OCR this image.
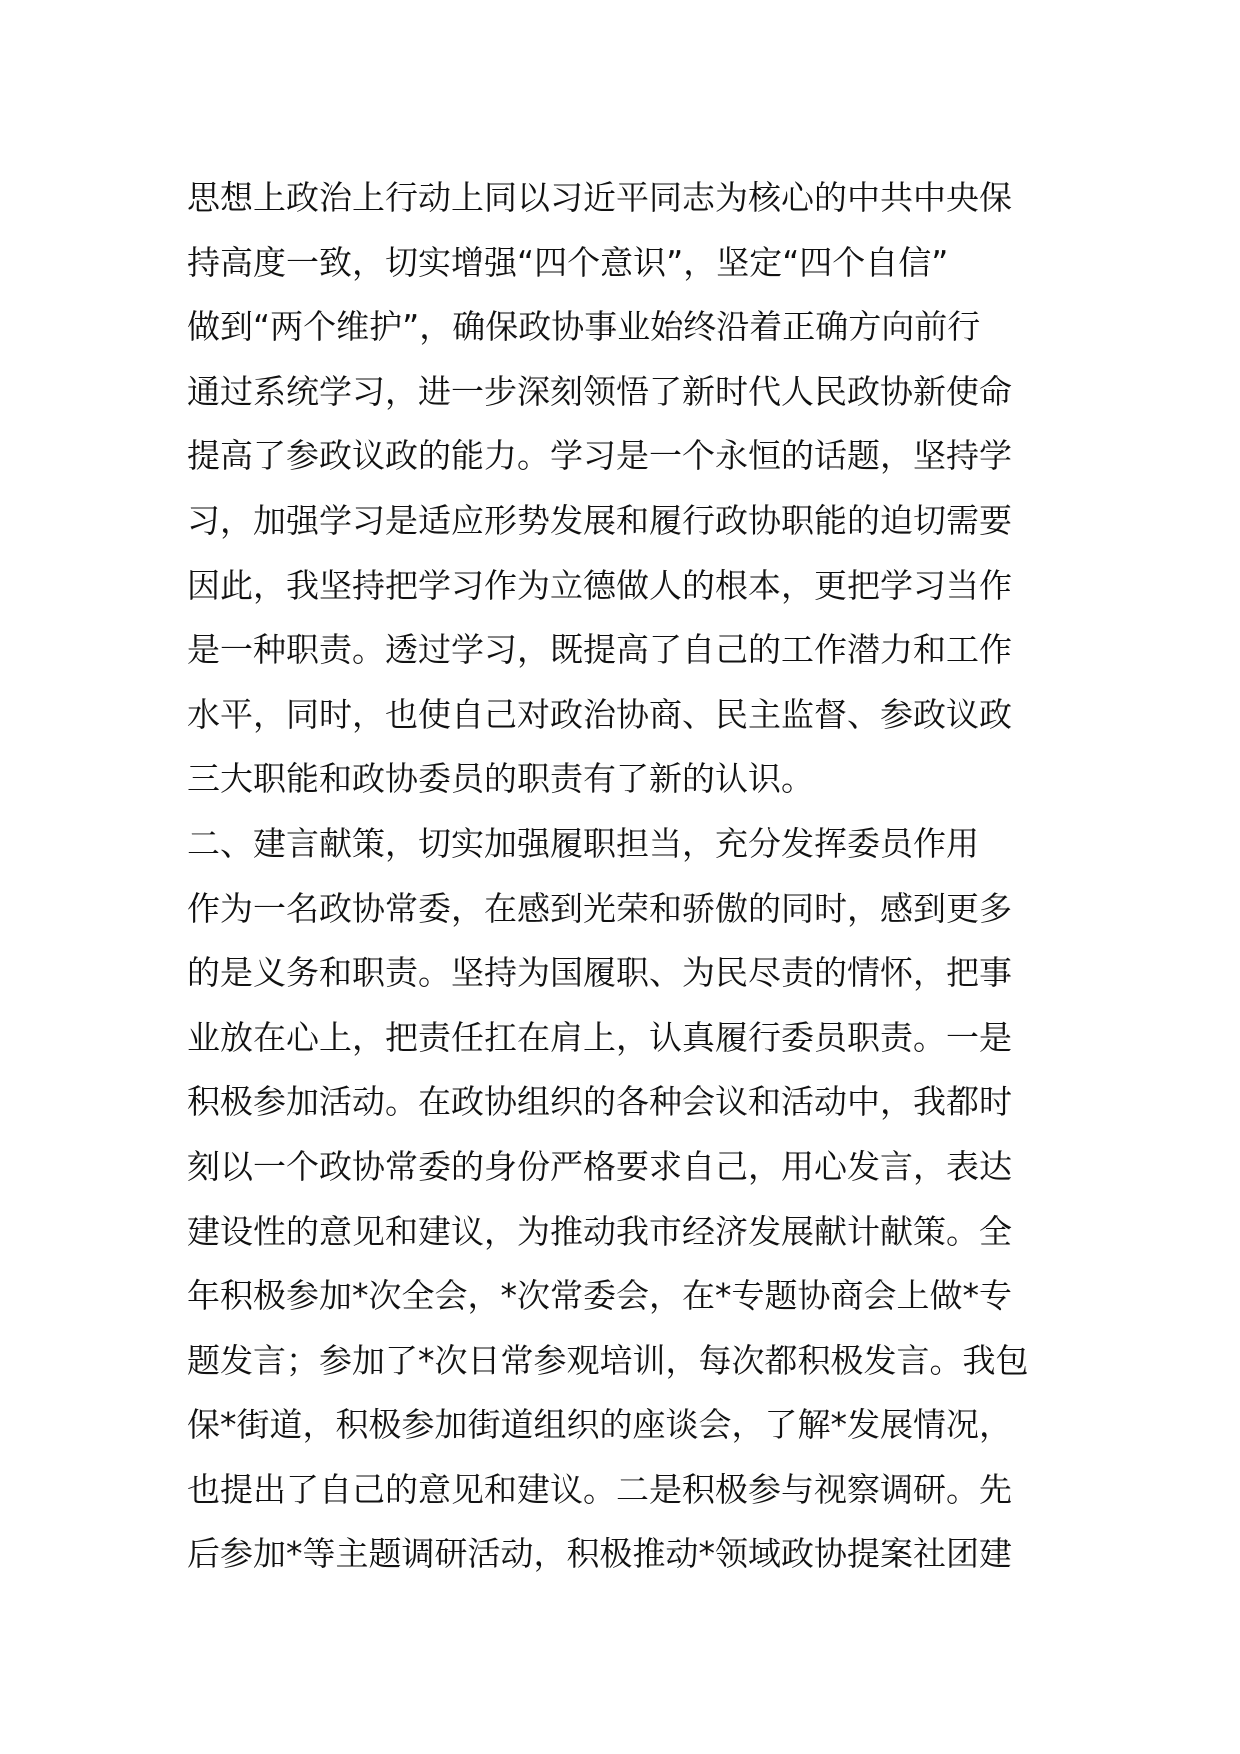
思想上政治上行动上同以习近平同志为核心的中共中央保
持高度一致，切实增强“四个意识”，坚定“四个自信”
做到“两个维护”，确保政协事业始终沿着正确方向前行
通过系统学习，进一步深刻领悟了新时代人民政协新使命
提高了参政议政的能力。学习是一个永恒的话题，坚持学
习，加强学习是适应形势发展和履行政协职能的迫切需要
因此，我坚持把学习作为立德做人的根本，更把学习当作
是一种职责。透过学习，既提高了自己的工作潜力和工作
水平，同时，也使自己对政治协商、民主监督、参政议政
三大职能和政协委员的职责有了新的认识。
二、建言献策，切实加强履职担当，充分发挥委员作用
作为一名政协常委，在感到光荣和骄傲的同时，感到更多
的是义务和职责。坚持为国履职、为民尽责的情怀，把事
业放在心上，把责任扛在肩上，认真履行委员职责。一是
积极参加活动。在政协组织的各种会议和活动中，我都时
刻以一个政协常委的身份严格要求自己，用心发言，表达
建设性的意见和建议，为推动我市经济发展献计献策。全
年积极参加*次全会，*次常委会，在*专题协商会上做*专
题发言；参加了*次日常参观培训，每次都积极发言。我包
保*街道，积极参加街道组织的座谈会，了解*发展情况，
也提出了自己的意见和建议。二是积极参与视察调研。先
后参加*等主题调研活动，积极推动*领域政协提案社团建
